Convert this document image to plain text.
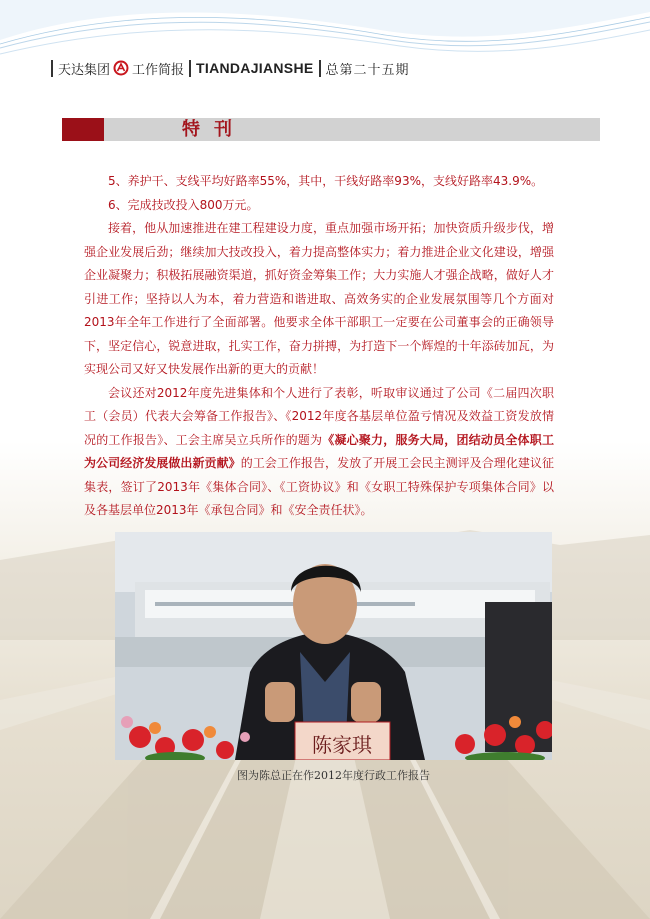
天达集团 工作简报 TIANDAJIANSHE 总第二十五期
特刊

5、养护干、支线平均好路率55%，其中，干线好路率93%，支线好路率43.9%。

6、完成技改投入800万元。

接着，他从加速推进在建工程建设力度，重点加强市场开拓；加快资质升级步伐，增强企业发展后劲；继续加大技改投入，着力提高整体实力；着力推进企业文化建设，增强企业凝聚力；积极拓展融资渠道，抓好资金筹集工作；大力实施人才强企战略，做好人才引进工作；坚持以人为本，着力营造和谐进取、高效务实的企业发展氛围等几个方面对2013年全年工作进行了全面部署。他要求全体干部职工一定要在公司董事会的正确领导下，坚定信心，锐意进取，扎实工作，奋力拼搏，为打造下一个辉煌的十年添砖加瓦，为实现公司又好又快发展作出新的更大的贡献！

会议还对2012年度先进集体和个人进行了表彰，听取审议通过了公司《二届四次职工（会员）代表大会筹备工作报告》、《2012年度各基层单位盈亏情况及效益工资发放情况的工作报告》、工会主席吴立兵所作的题为《凝心聚力，服务大局，团结动员全体职工为公司经济发展做出新贡献》的工会工作报告，发放了开展工会民主测评及合理化建议征集表，签订了2013年《集体合同》、《工资协议》和《女职工特殊保护专项集体合同》以及各基层单位2013年《承包合同》和《安全责任状》。

陈家琪
图为陈总正在作2012年度行政工作报告
